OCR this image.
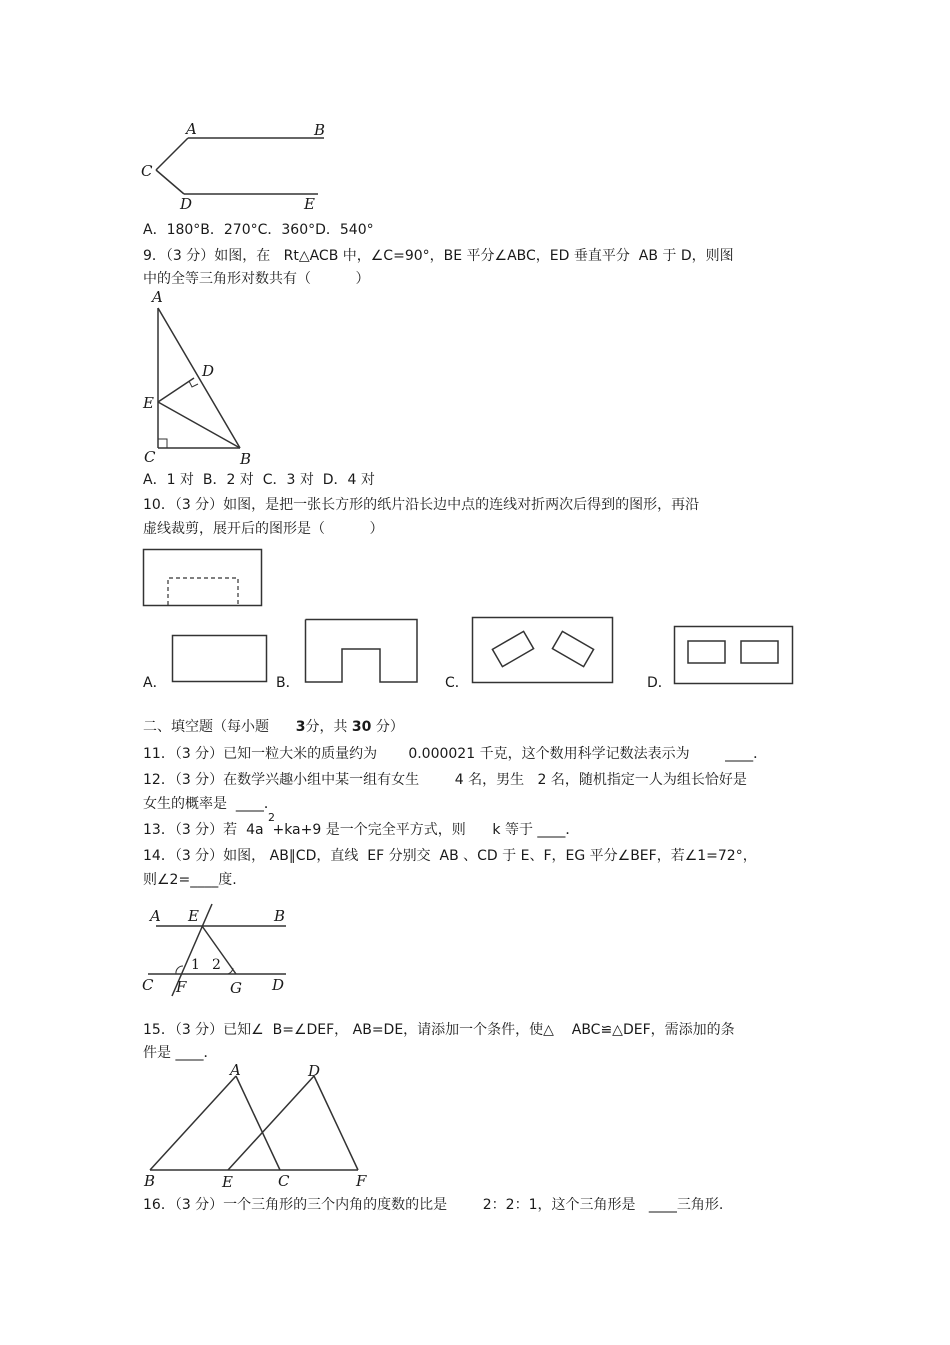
A	B
C
D	E
A．180°B．270°C．360°D．540°
9．（3 分）如图，在   Rt△ACB 中，∠C=90°，BE 平分∠ABC，ED 垂直平分  AB 于 D，则图
中的全等三角形对数共有（          ）
A
D
E
C	B
A．1 对  B．2 对  C．3 对  D．4 对
10．（3 分）如图，是把一张长方形的纸片沿长边中点的连线对折两次后得到的图形，再沿
虚线裁剪，展开后的图形是（          ）
A．	B．	C．	D．
二、填空题（每小题 3分，共 30 分）
11．（3 分）已知一粒大米的质量约为       0.000021 千克，这个数用科学记数法表示为        ____．
12．（3 分）在数学兴趣小组中某一组有女生        4 名，男生   2 名，随机指定一人为组长恰好是
女生的概率是  ____．
13．（3 分）若  4a  +ka+9 是一个完全平方式，则      k 等于 ____．
2
14．（3 分）如图， AB∥CD，直线  EF 分别交  AB 、CD 于 E、F，EG 平分∠BEF，若∠1=72°，
则∠2=____度.
A E	B
1 2
C F	G D
15．（3 分）已知∠  B=∠DEF， AB=DE，请添加一个条件，使△    ABC≌△DEF，需添加的条
件是 ____．
A	D
B	E	C	F
16．（3 分）一个三角形的三个内角的度数的比是        2：2：1，这个三角形是   ____三角形.
